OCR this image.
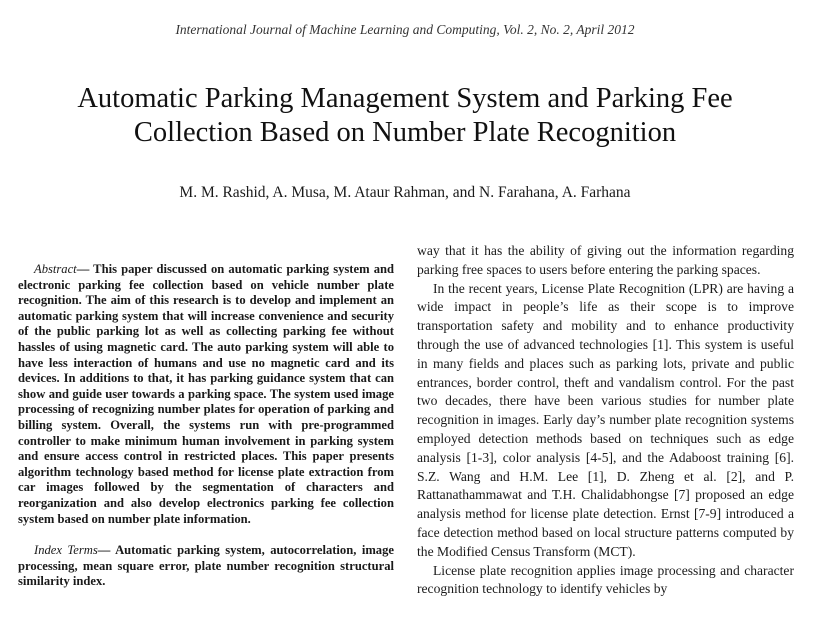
International Journal of Machine Learning and Computing, Vol. 2, No. 2, April 2012
Automatic Parking Management System and Parking Fee
Collection Based on Number Plate Recognition
M. M. Rashid, A. Musa, M. Ataur Rahman, and N. Farahana, A. Farhana

Abstract— This paper discussed on automatic parking system and electronic parking fee collection based on vehicle number plate recognition. The aim of this research is to develop and implement an automatic parking system that will increase convenience and security of the public parking lot as well as collecting parking fee without hassles of using magnetic card. The auto parking system will able to have less interaction of humans and use no magnetic card and its devices. In additions to that, it has parking guidance system that can show and guide user towards a parking space. The system used image processing of recognizing number plates for operation of parking and billing system. Overall, the systems run with pre-programmed controller to make minimum human involvement in parking system and ensure access control in restricted places. This paper presents algorithm technology based method for license plate extraction from car images followed by the segmentation of characters and reorganization and also develop electronics parking fee collection system based on number plate information.

Index Terms— Automatic parking system, autocorrelation, image processing, mean square error, plate number recognition structural similarity index.

way that it has the ability of giving out the information regarding parking free spaces to users before entering the parking spaces.

In the recent years, License Plate Recognition (LPR) are having a wide impact in people’s life as their scope is to improve transportation safety and mobility and to enhance productivity through the use of advanced technologies [1]. This system is useful in many fields and places such as parking lots, private and public entrances, border control, theft and vandalism control. For the past two decades, there have been various studies for number plate recognition in images. Early day’s number plate recognition systems employed detection methods based on techniques such as edge analysis [1-3], color analysis [4-5], and the Adaboost training [6]. S.Z. Wang and H.M. Lee [1], D. Zheng et al. [2], and P. Rattanathammawat and T.H. Chalidabhongse [7] proposed an edge analysis method for license plate detection. Ernst [7-9] introduced a face detection method based on local structure patterns computed by the Modified Census Transform (MCT).

License plate recognition applies image processing and character recognition technology to identify vehicles by
